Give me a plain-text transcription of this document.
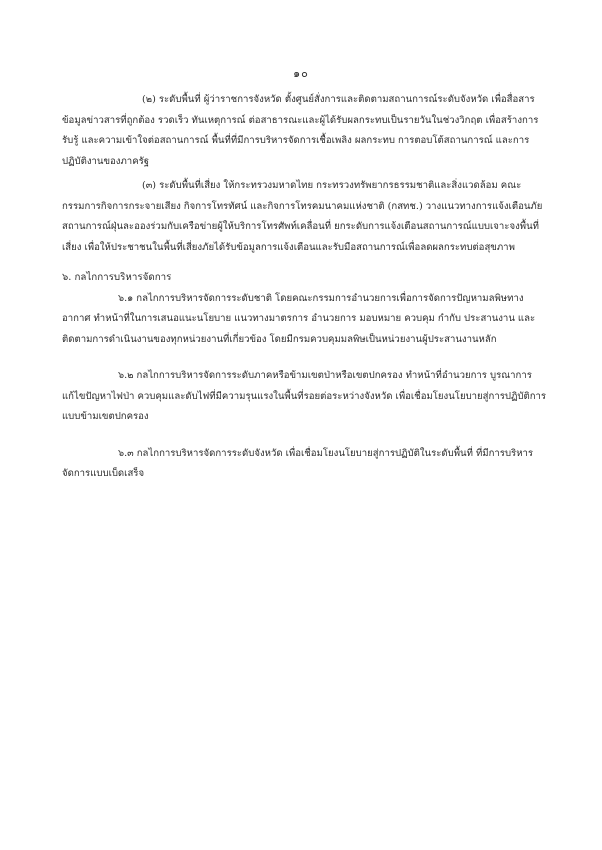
๑๐

(๒) ระดับพื้นที่ ผู้ว่าราชการจังหวัด ตั้งศูนย์สั่งการและติดตามสถานการณ์ระดับจังหวัด เพื่อสื่อสารข้อมูลข่าวสารที่ถูกต้อง รวดเร็ว ทันเหตุการณ์ ต่อสาธารณะและผู้ได้รับผลกระทบเป็นรายวันในช่วงวิกฤต เพื่อสร้างการรับรู้ และความเข้าใจต่อสถานการณ์ พื้นที่ที่มีการบริหารจัดการเชื้อเพลิง ผลกระทบ การตอบโต้สถานการณ์ และการปฏิบัติงานของภาครัฐ

(๓) ระดับพื้นที่เสี่ยง ให้กระทรวงมหาดไทย กระทรวงทรัพยากรธรรมชาติและสิ่งแวดล้อม คณะกรรมการกิจการกระจายเสียง กิจการโทรทัศน์ และกิจการโทรคมนาคมแห่งชาติ (กสทช.) วางแนวทางการแจ้งเตือนภัยสถานการณ์ฝุ่นละอองร่วมกับเครือข่ายผู้ให้บริการโทรศัพท์เคลื่อนที่ ยกระดับการแจ้งเตือนสถานการณ์แบบเจาะจงพื้นที่เสี่ยง เพื่อให้ประชาชนในพื้นที่เสี่ยงภัยได้รับข้อมูลการแจ้งเตือนและรับมือสถานการณ์เพื่อลดผลกระทบต่อสุขภาพ

๖. กลไกการบริหารจัดการ

๖.๑ กลไกการบริหารจัดการระดับชาติ โดยคณะกรรมการอำนวยการเพื่อการจัดการปัญหามลพิษทางอากาศ ทำหน้าที่ในการเสนอแนะนโยบาย แนวทางมาตรการ อำนวยการ มอบหมาย ควบคุม กำกับ ประสานงาน และติดตามการดำเนินงานของทุกหน่วยงานที่เกี่ยวข้อง โดยมีกรมควบคุมมลพิษเป็นหน่วยงานผู้ประสานงานหลัก

๖.๒ กลไกการบริหารจัดการระดับภาคหรือข้ามเขตป่าหรือเขตปกครอง ทำหน้าที่อำนวยการ บูรณาการแก้ไขปัญหาไฟป่า ควบคุมและดับไฟที่มีความรุนแรงในพื้นที่รอยต่อระหว่างจังหวัด เพื่อเชื่อมโยงนโยบายสู่การปฏิบัติการแบบข้ามเขตปกครอง

๖.๓ กลไกการบริหารจัดการระดับจังหวัด เพื่อเชื่อมโยงนโยบายสู่การปฏิบัติในระดับพื้นที่ ที่มีการบริหารจัดการแบบเบ็ดเสร็จ
